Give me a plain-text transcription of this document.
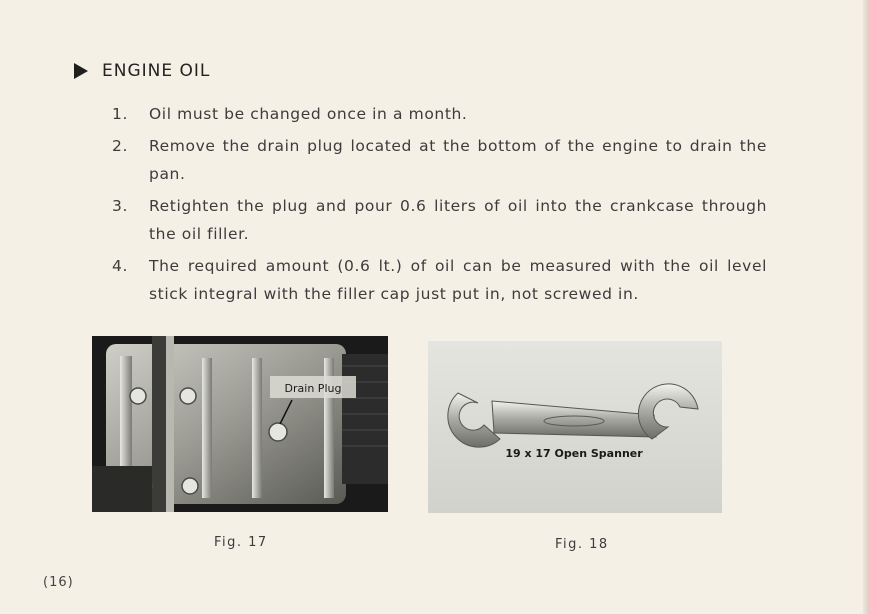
ENGINE OIL
1.	Oil must be changed once in a month.
2.	Remove the drain plug located at the bottom of the engine to drain the pan.
3.	Retighten the plug and pour 0.6 liters of oil into the crankcase through the oil filler.
4.	The required amount (0.6 lt.) of oil can be measured with the oil level stick integral with the filler cap just put in, not screwed in.
Drain Plug
19 x 17 Open Spanner
Fig. 17	Fig. 18
(16)
